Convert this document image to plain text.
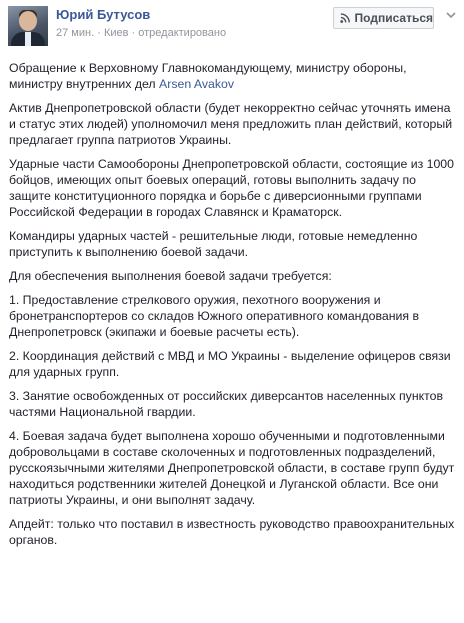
Юрий Бутусов
27 мин. · Киев · отредактировано
Подписаться

Обращение к Верховному Главнокомандующему, министру обороны, министру внутренних дел Arsen Avakov

Актив Днепропетровской области (будет некорректно сейчас уточнять имена и статус этих людей) уполномочил меня предложить план действий, который предлагает группа патриотов Украины.

Ударные части Самообороны Днепропетровской области, состоящие из 1000 бойцов, имеющих опыт боевых операций, готовы выполнить задачу по защите конституционного порядка и борьбе с диверсионными группами Российской Федерации в городах Славянск и Краматорск.

Командиры ударных частей - решительные люди, готовые немедленно приступить к выполнению боевой задачи.

Для обеспечения выполнения боевой задачи требуется:

1. Предоставление стрелкового оружия, пехотного вооружения и бронетранспортеров со складов Южного оперативного командования в Днепропетровск (экипажи и боевые расчеты есть).

2. Координация действий с МВД и МО Украины - выделение офицеров связи для ударных групп.

3. Занятие освобожденных от российских диверсантов населенных пунктов частями Национальной гвардии.

4. Боевая задача будет выполнена хорошо обученными и подготовленными добровольцами в составе сколоченных и подготовленных подразделений, русскоязычными жителями Днепропетровской области, в составе групп будут находиться родственники жителей Донецкой и Луганской области. Все они патриоты Украины, и они выполнят задачу.

Апдейт: только что поставил в известность руководство правоохранительных органов.
